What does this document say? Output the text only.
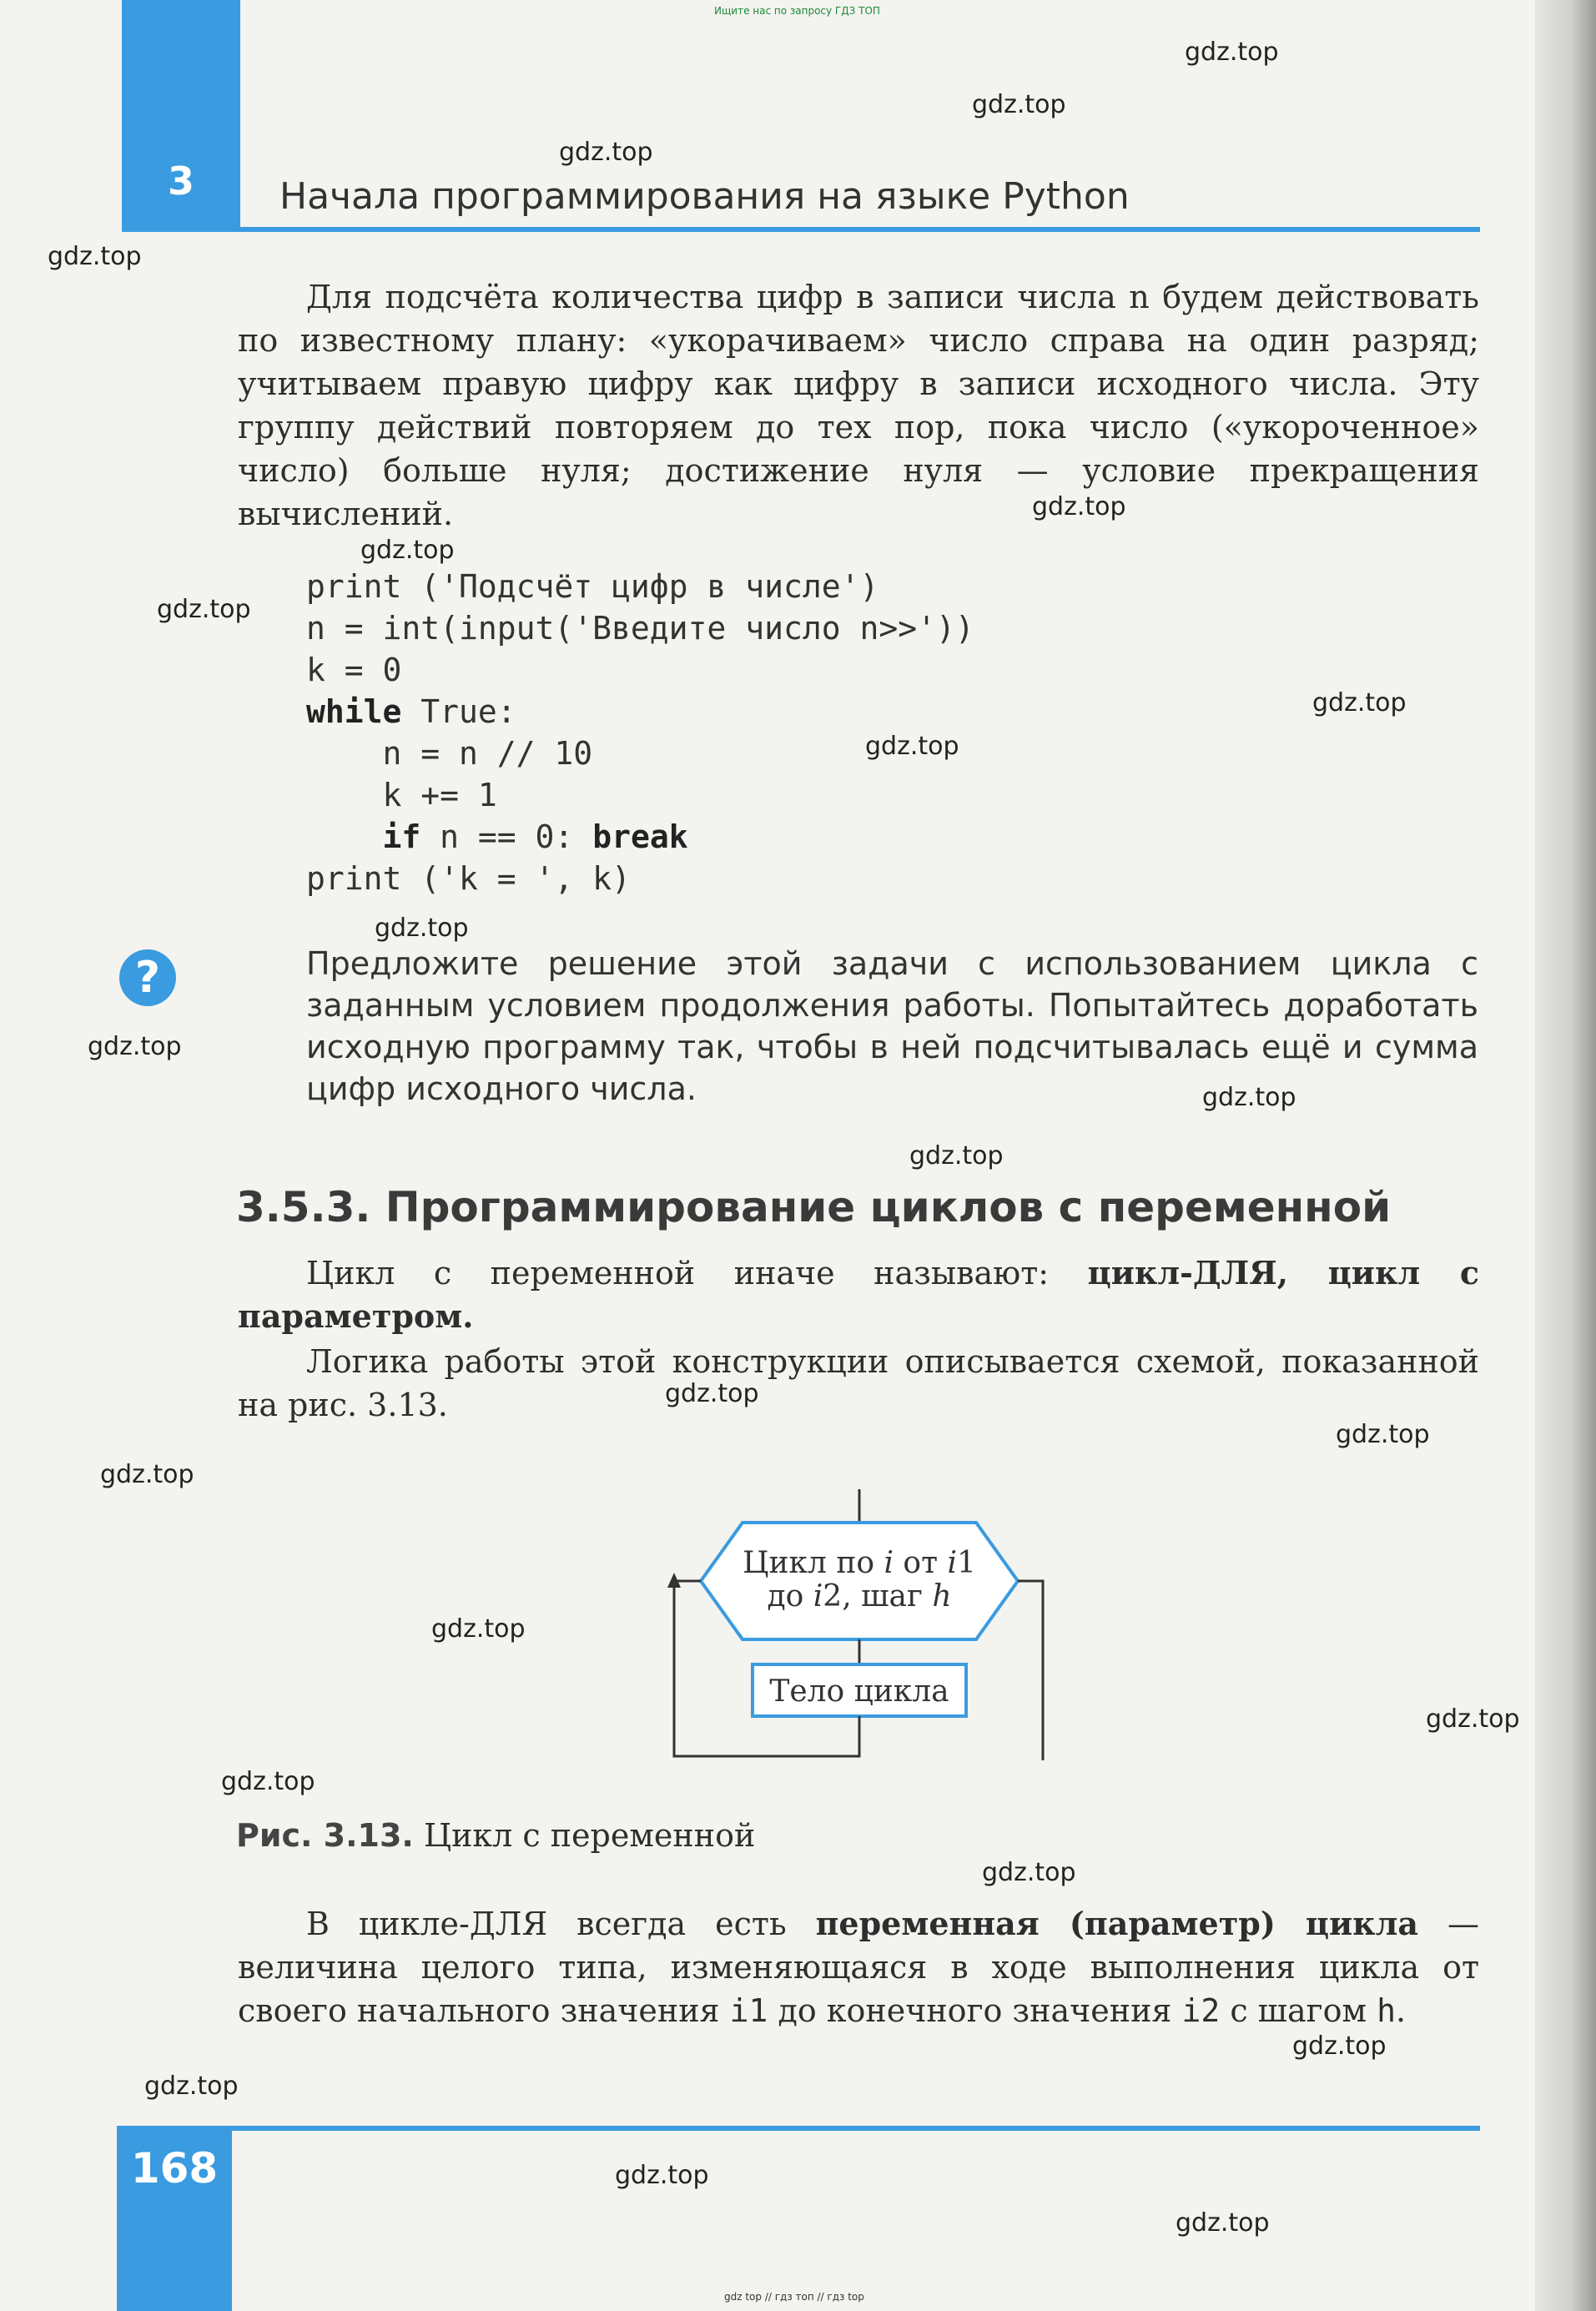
Ищите нас по запросу ГДЗ ТОП
3	Начала программирования на языке Python

Для подсчёта количества цифр в записи числа n будем действовать по известному плану: «укорачиваем» число справа на один разряд; учитываем правую цифру как цифру в записи исходного числа. Эту группу действий повторяем до тех пор, пока число («укороченное» число) больше нуля; достижение нуля — условие прекращения вычислений.

print ('Подсчёт цифр в числе')
n = int(input('Введите число n>>'))
k = 0
while True:
n = n // 10
k += 1
if n == 0: break
print ('k = ', k)
?	Предложите решение этой задачи с использованием цикла с заданным условием продолжения работы. Попытайтесь доработать исходную программу так, чтобы в ней подсчитывалась ещё и сумма цифр исходного числа.
3.5.3. Программирование циклов с переменной

Цикл с переменной иначе называют: цикл-ДЛЯ, цикл с параметром.

Логика работы этой конструкции описывается схемой, показанной на рис. 3.13.

Цикл по i от i1
до i2, шаг h
Тело цикла
Рис. 3.13. Цикл с переменной

В цикле-ДЛЯ всегда есть переменная (параметр) цикла — величина целого типа, изменяющаяся в ходе выполнения цикла от своего начального значения i1 до конечного значения i2 с шагом h.

168
gdz top // гдз топ // гдз top
gdz.top
gdz.top
gdz.top
gdz.top
gdz.top
gdz.top
gdz.top
gdz.top
gdz.top
gdz.top
gdz.top
gdz.top
gdz.top
gdz.top
gdz.top
gdz.top
gdz.top
gdz.top
gdz.top
gdz.top
gdz.top
gdz.top
gdz.top
gdz.top
